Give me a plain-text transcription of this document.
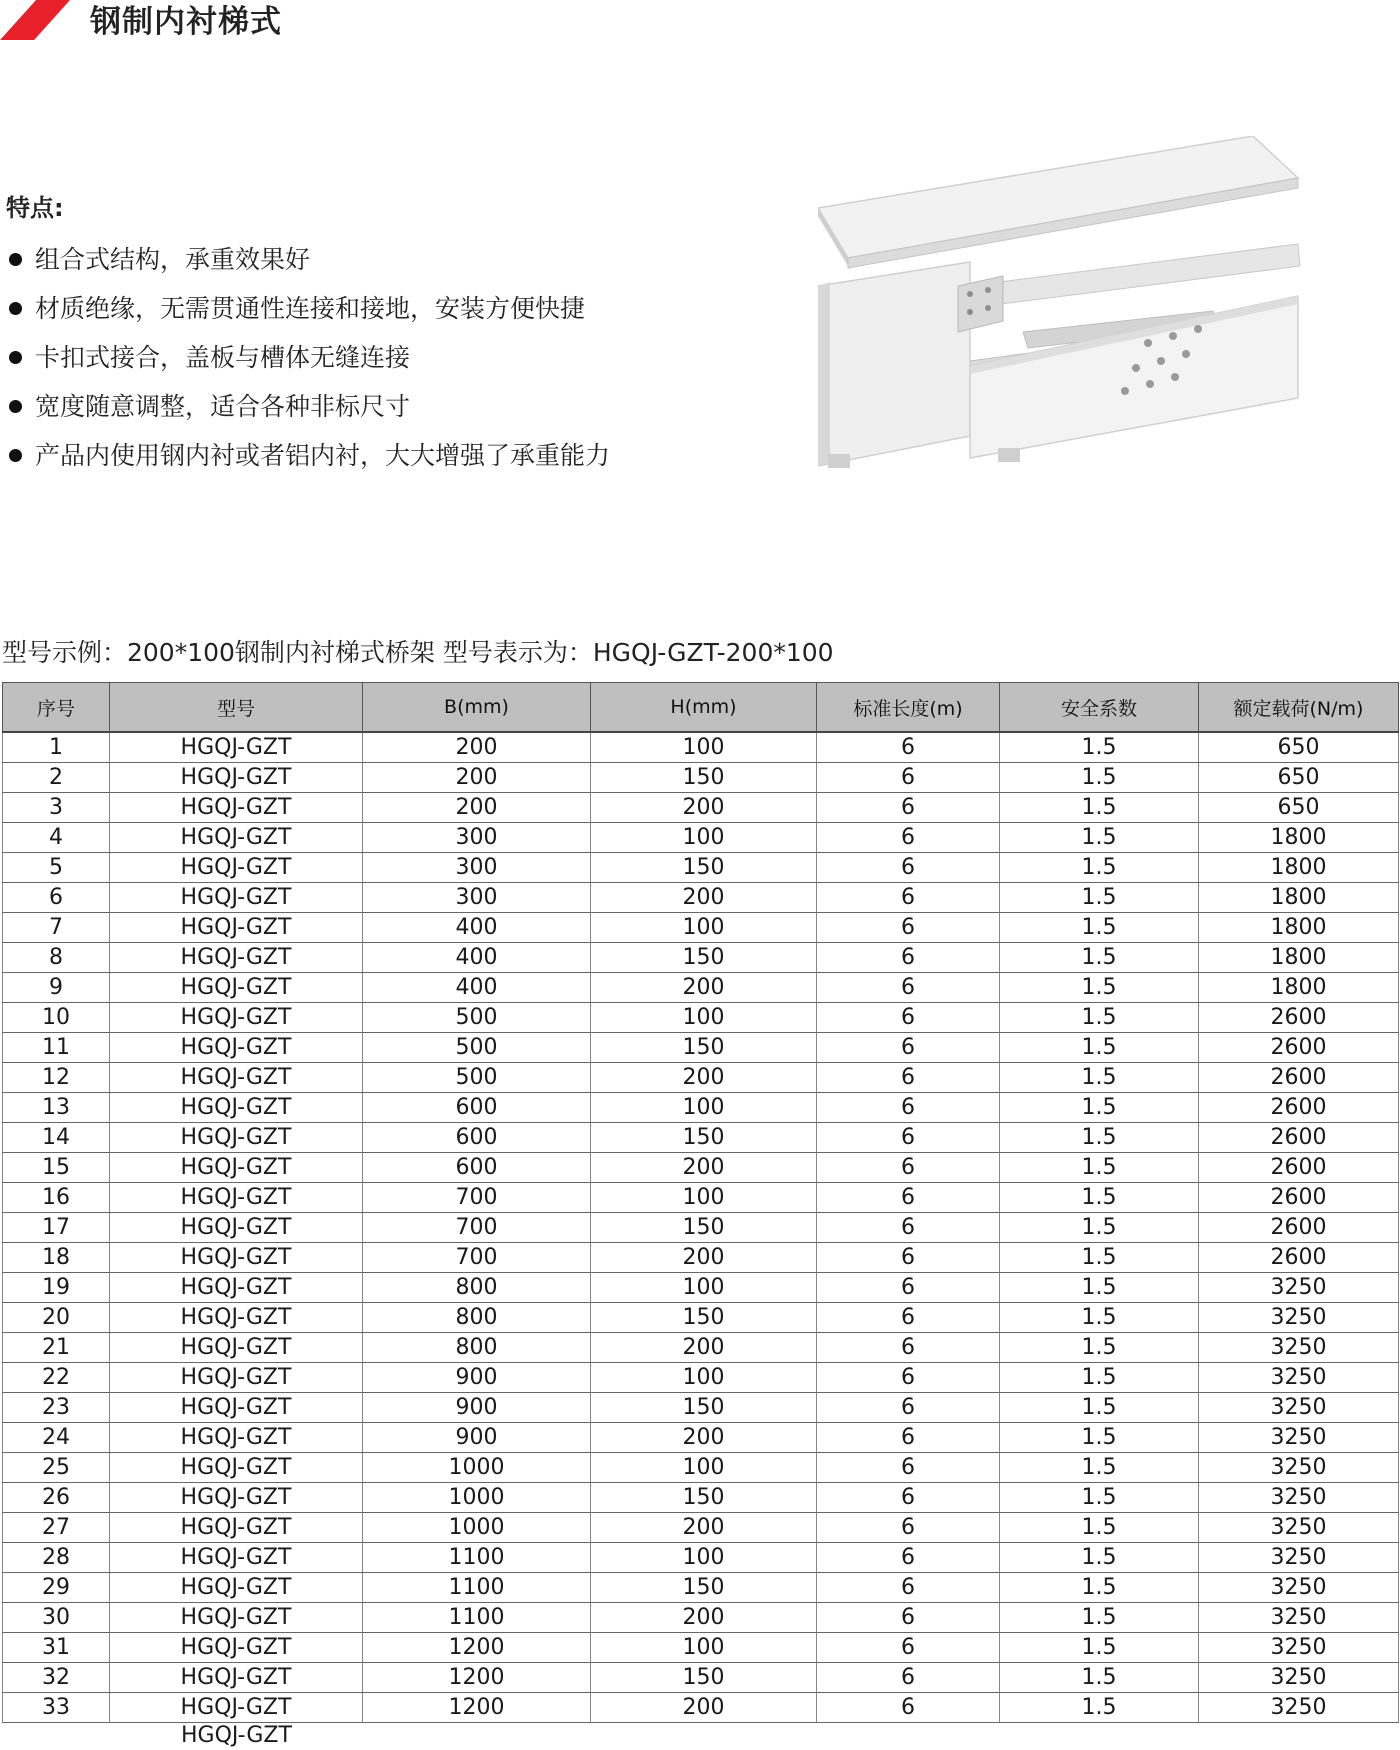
钢制内衬梯式
特点:
组合式结构，承重效果好
材质绝缘，无需贯通性连接和接地，安装方便快捷
卡扣式接合，盖板与槽体无缝连接
宽度随意调整，适合各种非标尺寸
产品内使用钢内衬或者铝内衬，大大增强了承重能力
型号示例：200*100钢制内衬梯式桥架 型号表示为：HGQJ-GZT-200*100
序号	型号	B(mm)	H(mm)	标准长度(m)	安全系数	额定载荷(N/m)
1	HGQJ-GZT	200	100	6	1.5	650
2	HGQJ-GZT	200	150	6	1.5	650
3	HGQJ-GZT	200	200	6	1.5	650
4	HGQJ-GZT	300	100	6	1.5	1800
5	HGQJ-GZT	300	150	6	1.5	1800
6	HGQJ-GZT	300	200	6	1.5	1800
7	HGQJ-GZT	400	100	6	1.5	1800
8	HGQJ-GZT	400	150	6	1.5	1800
9	HGQJ-GZT	400	200	6	1.5	1800
10	HGQJ-GZT	500	100	6	1.5	2600
11	HGQJ-GZT	500	150	6	1.5	2600
12	HGQJ-GZT	500	200	6	1.5	2600
13	HGQJ-GZT	600	100	6	1.5	2600
14	HGQJ-GZT	600	150	6	1.5	2600
15	HGQJ-GZT	600	200	6	1.5	2600
16	HGQJ-GZT	700	100	6	1.5	2600
17	HGQJ-GZT	700	150	6	1.5	2600
18	HGQJ-GZT	700	200	6	1.5	2600
19	HGQJ-GZT	800	100	6	1.5	3250
20	HGQJ-GZT	800	150	6	1.5	3250
21	HGQJ-GZT	800	200	6	1.5	3250
22	HGQJ-GZT	900	100	6	1.5	3250
23	HGQJ-GZT	900	150	6	1.5	3250
24	HGQJ-GZT	900	200	6	1.5	3250
25	HGQJ-GZT	1000	100	6	1.5	3250
26	HGQJ-GZT	1000	150	6	1.5	3250
27	HGQJ-GZT	1000	200	6	1.5	3250
28	HGQJ-GZT	1100	100	6	1.5	3250
29	HGQJ-GZT	1100	150	6	1.5	3250
30	HGQJ-GZT	1100	200	6	1.5	3250
31	HGQJ-GZT	1200	100	6	1.5	3250
32	HGQJ-GZT	1200	150	6	1.5	3250
33	HGQJ-GZT	1200	200	6	1.5	3250
HGQJ-GZT
